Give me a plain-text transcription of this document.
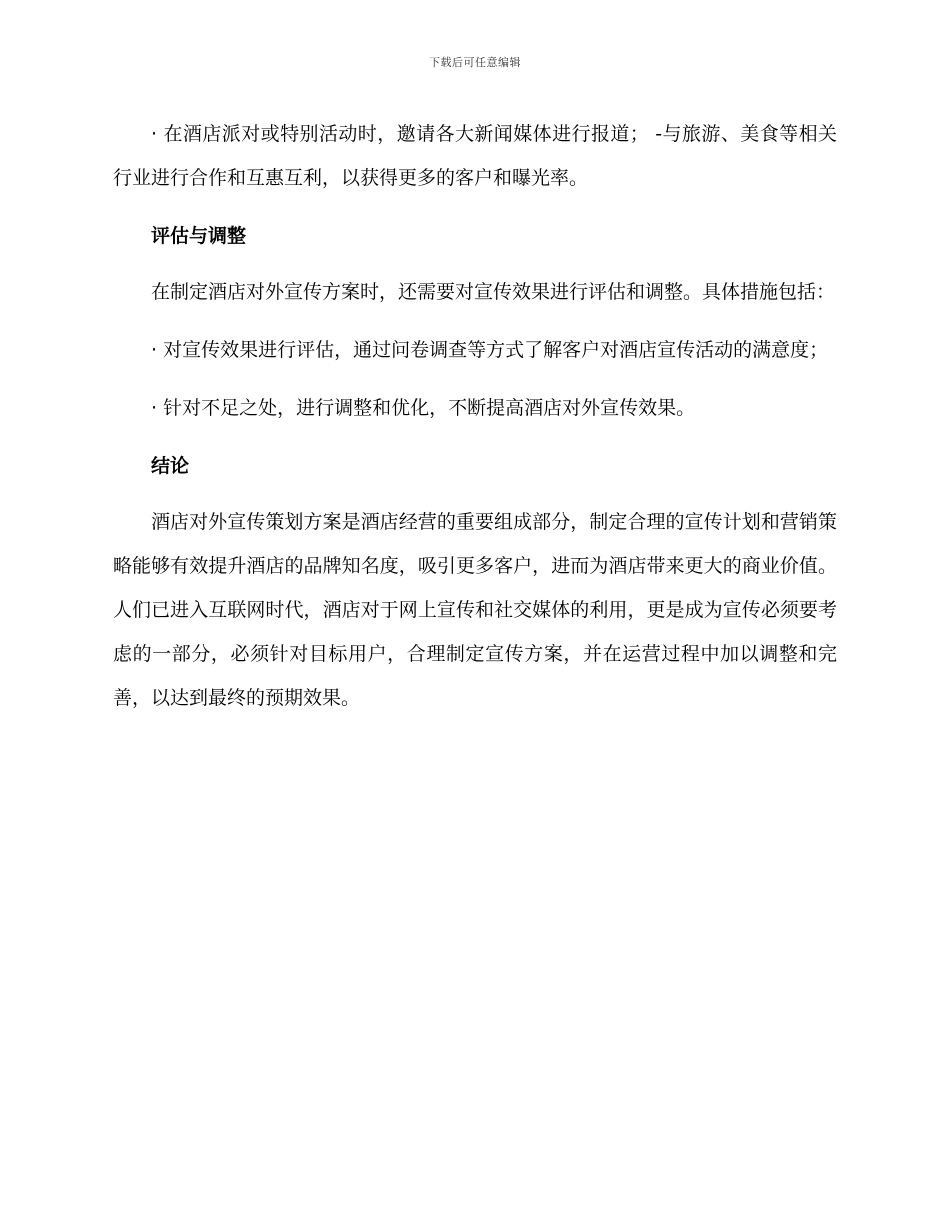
下载后可任意编辑

· 在酒店派对或特别活动时，邀请各大新闻媒体进行报道； -与旅游、美食等相关行业进行合作和互惠互利，以获得更多的客户和曝光率。

评估与调整

在制定酒店对外宣传方案时，还需要对宣传效果进行评估和调整。具体措施包括：

· 对宣传效果进行评估，通过问卷调查等方式了解客户对酒店宣传活动的满意度；

· 针对不足之处，进行调整和优化，不断提高酒店对外宣传效果。

结论

酒店对外宣传策划方案是酒店经营的重要组成部分，制定合理的宣传计划和营销策略能够有效提升酒店的品牌知名度，吸引更多客户，进而为酒店带来更大的商业价值。人们已进入互联网时代，酒店对于网上宣传和社交媒体的利用，更是成为宣传必须要考虑的一部分，必须针对目标用户，合理制定宣传方案，并在运营过程中加以调整和完善，以达到最终的预期效果。
